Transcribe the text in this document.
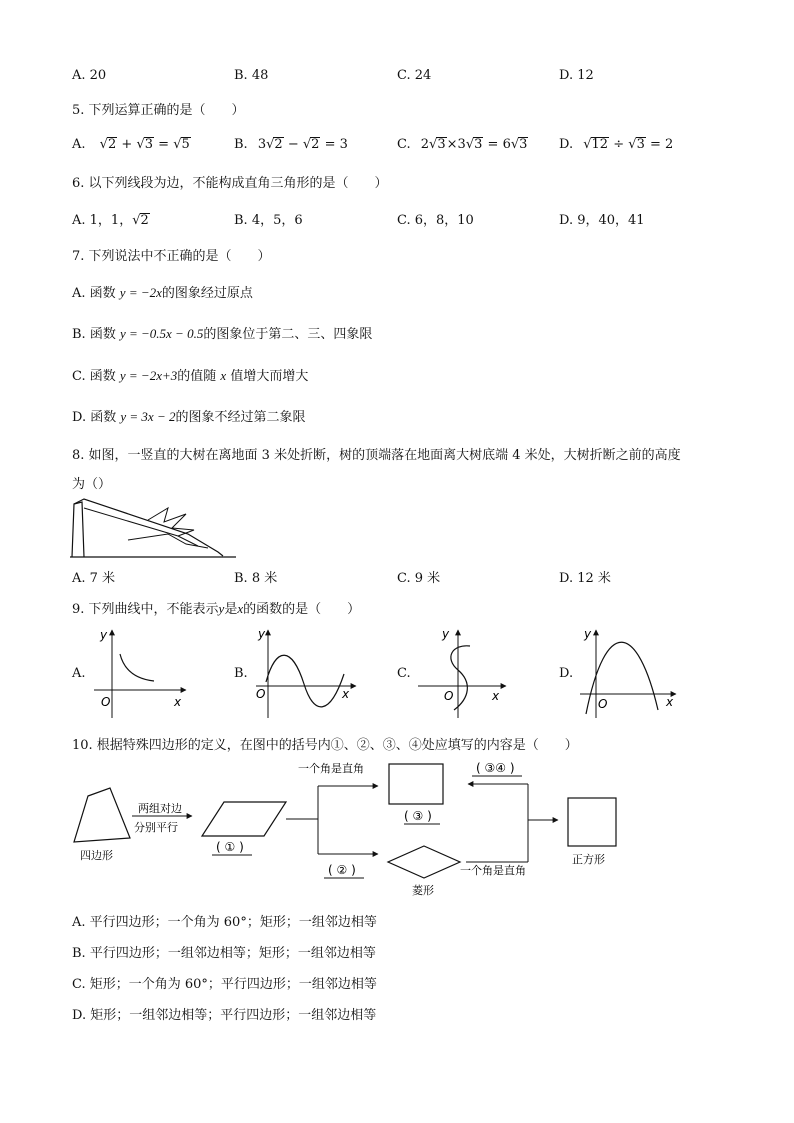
A. 20	B. 48	C. 24	D. 12
5. 下列运算正确的是（　　）
A. √2 + √3 = √5	B. 3√2 − √2 = 3	C. 2√3×3√3 = 6√3 D. √12 ÷ √3 = 2
6. 以下列线段为边，不能构成直角三角形的是（　　）
A. 1，1，√2	B. 4，5，6	C. 6，8，10	D. 9，40，41
7. 下列说法中不正确的是（　　）
A. 函数 y = −2x的图象经过原点
B. 函数 y = −0.5x − 0.5的图象位于第二、三、四象限
C. 函数 y = −2x+3的值随 x 值增大而增大
D. 函数 y = 3x − 2的图象不经过第二象限
8. 如图，一竖直的大树在离地面 3 米处折断，树的顶端落在地面离大树底端 4 米处，大树折断之前的高度
为（）
A. 7 米	B. 8 米	C. 9 米	D. 12 米
9. 下列曲线中，不能表示y是x的函数的是（　　）
A.
y
x
O
B.
y
x
O
C.
y
x
O
D.
y
x
O
10. 根据特殊四边形的定义，在图中的括号内①、②、③、④处应填写的内容是（　　）
四边形
两组对边
分别平行
( ① )
一个角是直角
( ② )
( ③ )
菱形
( ③④ )
一个角是直角
正方形
A. 平行四边形；一个角为 60°；矩形；一组邻边相等
B. 平行四边形；一组邻边相等；矩形；一组邻边相等
C. 矩形；一个角为 60°；平行四边形；一组邻边相等
D. 矩形；一组邻边相等；平行四边形；一组邻边相等
